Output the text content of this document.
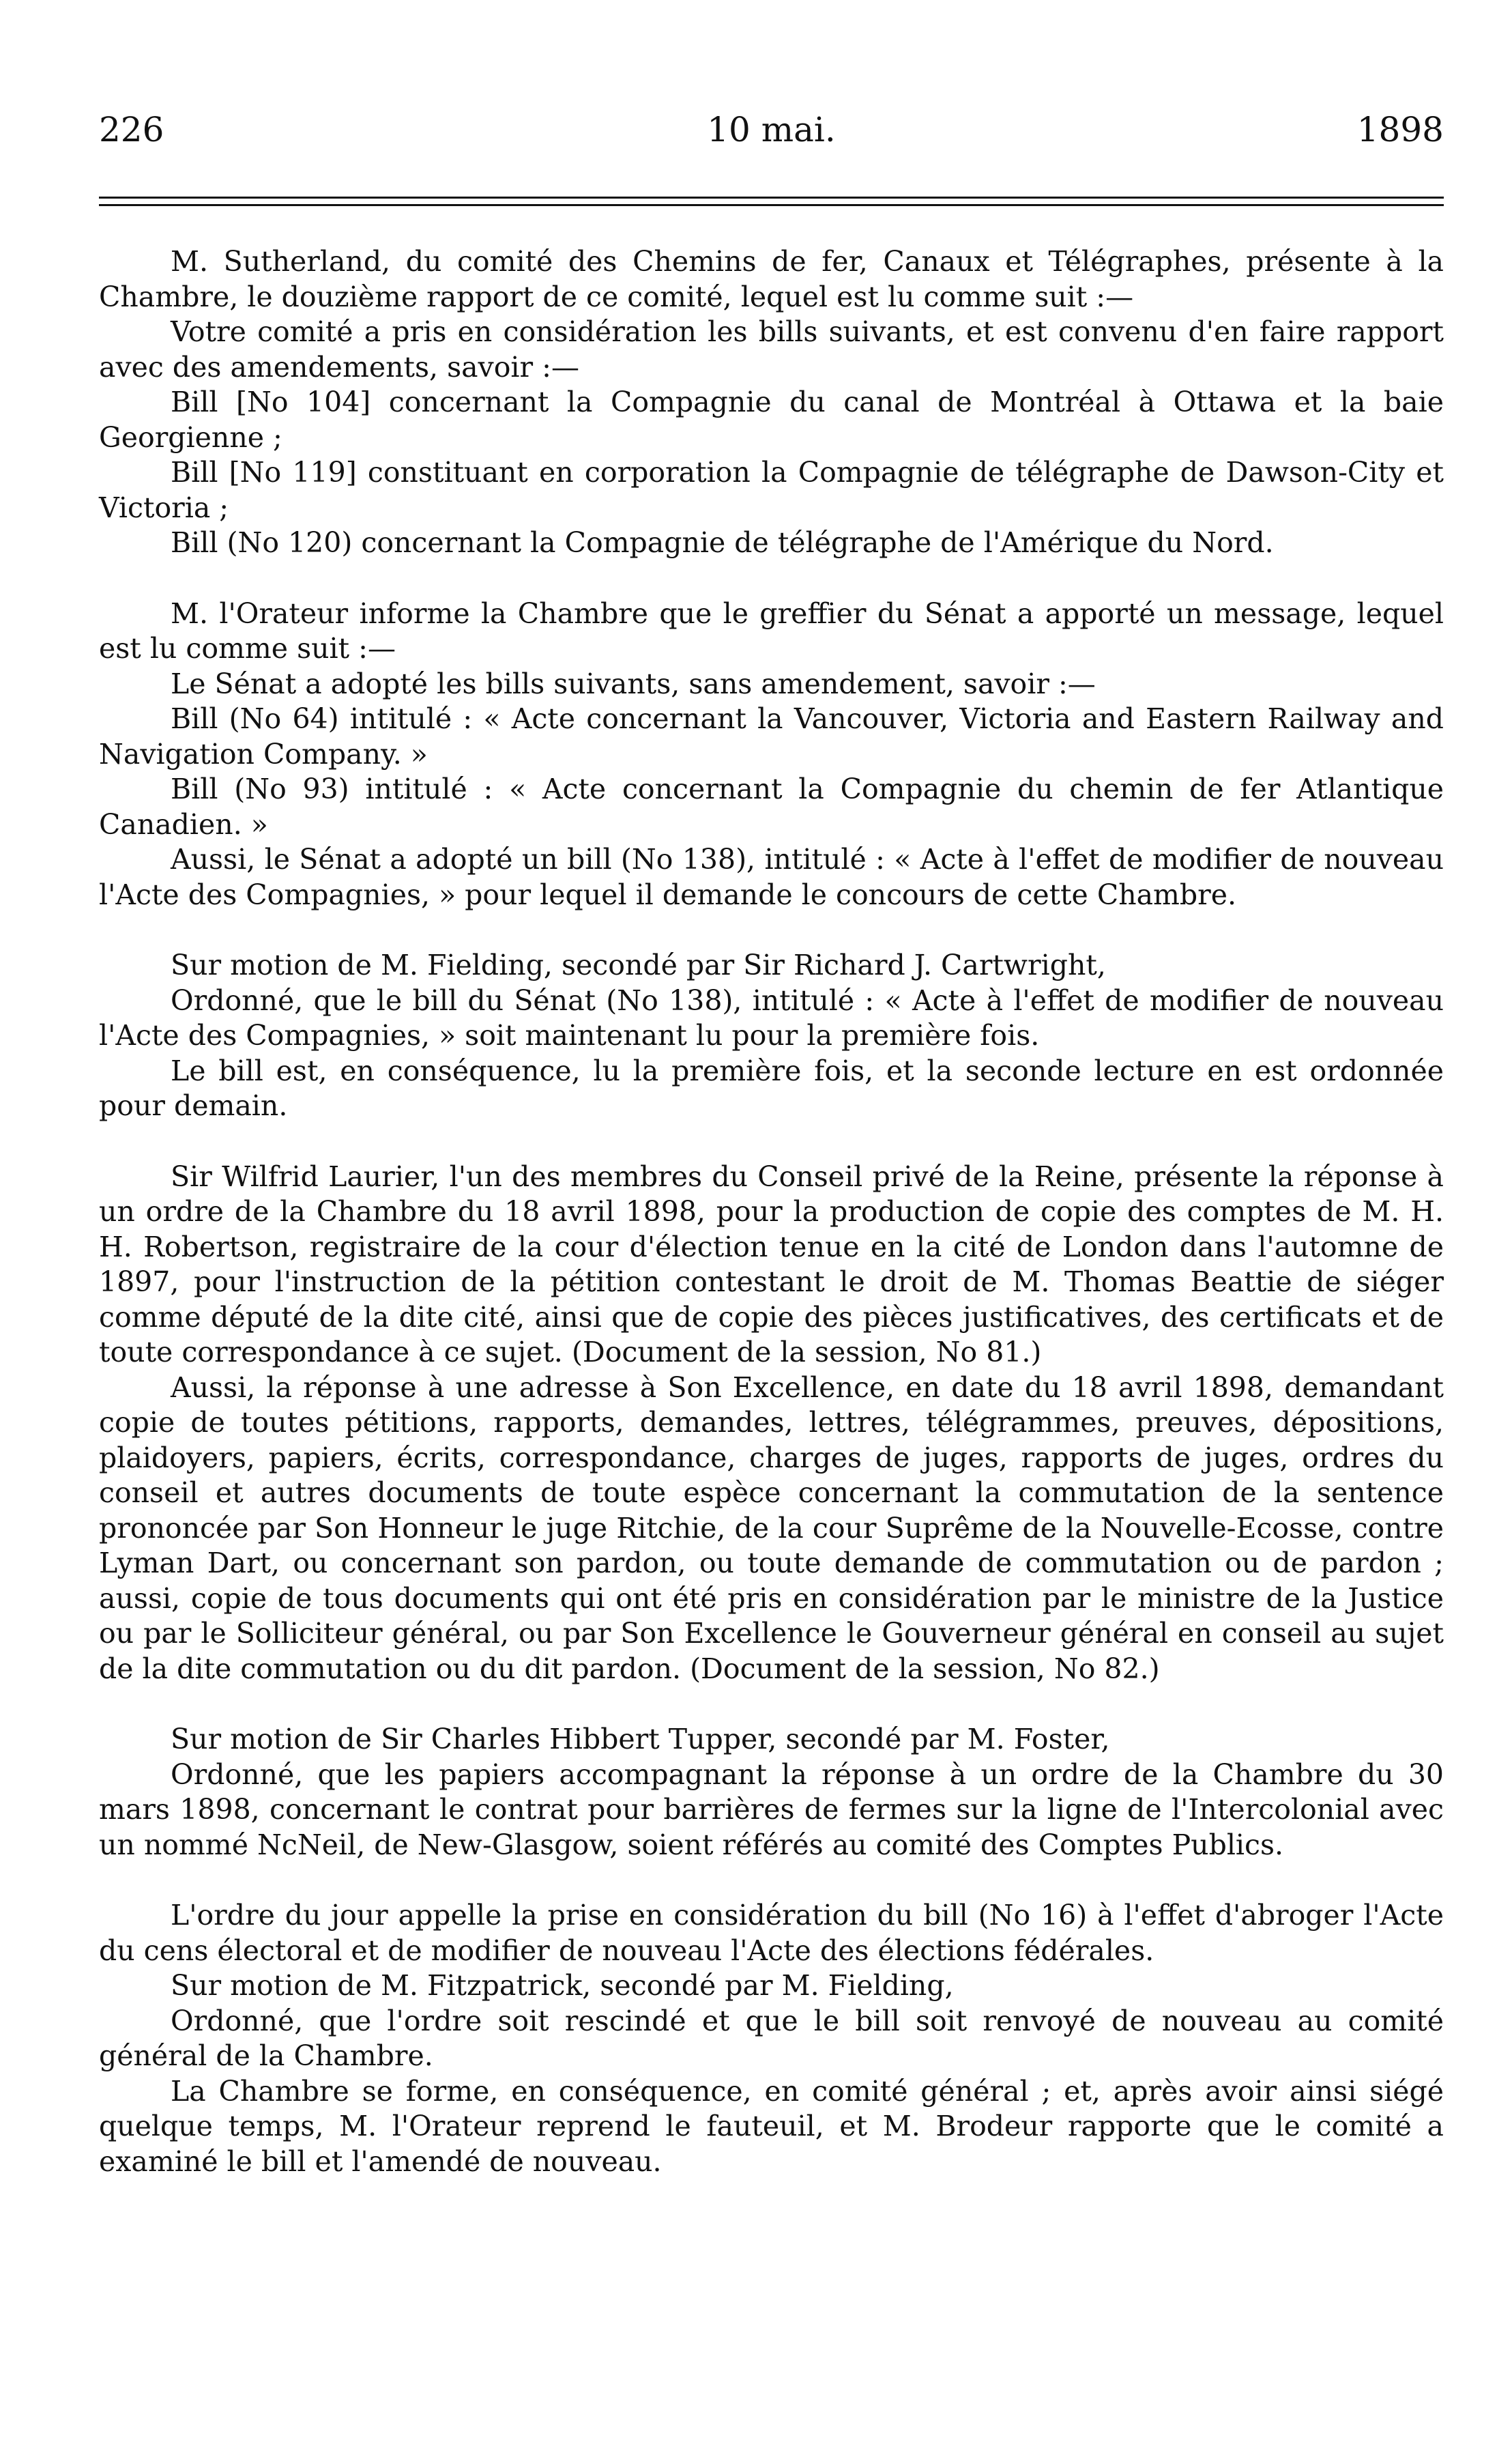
226	10 mai.	1898

M. Sutherland, du comité des Chemins de fer, Canaux et Télégraphes, présente à la Chambre, le douzième rapport de ce comité, lequel est lu comme suit :—

Votre comité a pris en considération les bills suivants, et est convenu d'en faire rapport avec des amendements, savoir :—

Bill [No 104] concernant la Compagnie du canal de Montréal à Ottawa et la baie Georgienne ;

Bill [No 119] constituant en corporation la Compagnie de télégraphe de Dawson-City et Victoria ;

Bill (No 120) concernant la Compagnie de télégraphe de l'Amérique du Nord.

M. l'Orateur informe la Chambre que le greffier du Sénat a apporté un message, lequel est lu comme suit :—

Le Sénat a adopté les bills suivants, sans amendement, savoir :—

Bill (No 64) intitulé : « Acte concernant la Vancouver, Victoria and Eastern Railway and Navigation Company. »

Bill (No 93) intitulé : « Acte concernant la Compagnie du chemin de fer Atlantique Canadien. »

Aussi, le Sénat a adopté un bill (No 138), intitulé : « Acte à l'effet de modifier de nouveau l'Acte des Compagnies, » pour lequel il demande le concours de cette Chambre.

Sur motion de M. Fielding, secondé par Sir Richard J. Cartwright,

Ordonné, que le bill du Sénat (No 138), intitulé : « Acte à l'effet de modifier de nouveau l'Acte des Compagnies, » soit maintenant lu pour la première fois.

Le bill est, en conséquence, lu la première fois, et la seconde lecture en est ordonnée pour demain.

Sir Wilfrid Laurier, l'un des membres du Conseil privé de la Reine, présente la réponse à un ordre de la Chambre du 18 avril 1898, pour la production de copie des comptes de M. H. H. Robertson, registraire de la cour d'élection tenue en la cité de London dans l'automne de 1897, pour l'instruction de la pétition contestant le droit de M. Thomas Beattie de siéger comme député de la dite cité, ainsi que de copie des pièces justificatives, des certificats et de toute correspondance à ce sujet. (Document de la session, No 81.)

Aussi, la réponse à une adresse à Son Excellence, en date du 18 avril 1898, demandant copie de toutes pétitions, rapports, demandes, lettres, télégrammes, preuves, dépositions, plaidoyers, papiers, écrits, correspondance, charges de juges, rapports de juges, ordres du conseil et autres documents de toute espèce concernant la commutation de la sentence prononcée par Son Honneur le juge Ritchie, de la cour Suprême de la Nouvelle-Ecosse, contre Lyman Dart, ou concernant son pardon, ou toute demande de commutation ou de pardon ; aussi, copie de tous documents qui ont été pris en considération par le ministre de la Justice ou par le Solliciteur général, ou par Son Excellence le Gouverneur général en conseil au sujet de la dite commutation ou du dit pardon. (Document de la session, No 82.)

Sur motion de Sir Charles Hibbert Tupper, secondé par M. Foster,

Ordonné, que les papiers accompagnant la réponse à un ordre de la Chambre du 30 mars 1898, concernant le contrat pour barrières de fermes sur la ligne de l'Intercolonial avec un nommé NcNeil, de New-Glasgow, soient référés au comité des Comptes Publics.

L'ordre du jour appelle la prise en considération du bill (No 16) à l'effet d'abroger l'Acte du cens électoral et de modifier de nouveau l'Acte des élections fédérales.

Sur motion de M. Fitzpatrick, secondé par M. Fielding,

Ordonné, que l'ordre soit rescindé et que le bill soit renvoyé de nouveau au comité général de la Chambre.

La Chambre se forme, en conséquence, en comité général ; et, après avoir ainsi siégé quelque temps, M. l'Orateur reprend le fauteuil, et M. Brodeur rapporte que le comité a examiné le bill et l'amendé de nouveau.
